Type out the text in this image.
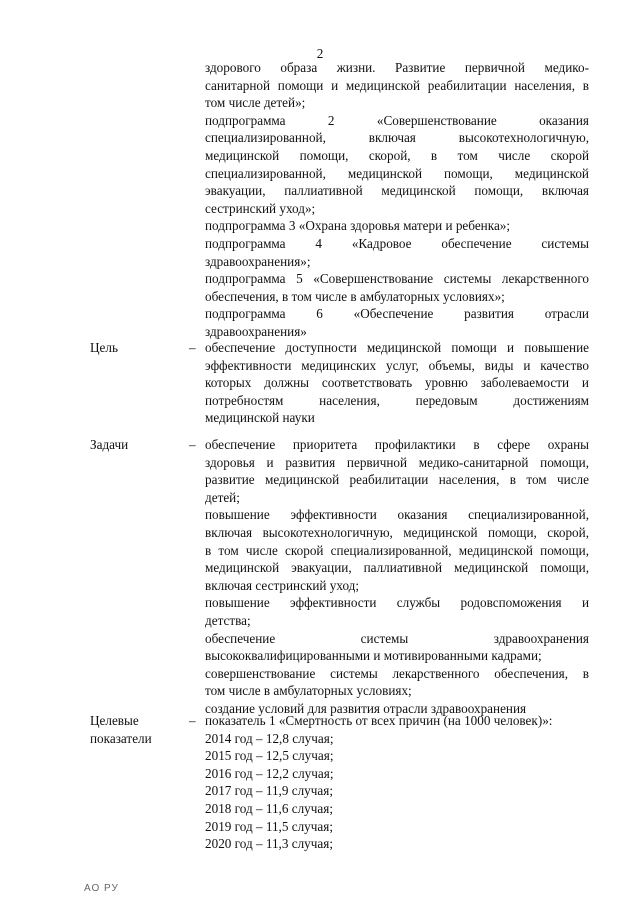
2
здорового образа жизни. Развитие первичной медико-
санитарной помощи и медицинской реабилитации населения, в
том числе детей»;
подпрограмма 2 «Совершенствование оказания
специализированной, включая высокотехнологичную,
медицинской помощи, скорой, в том числе скорой
специализированной, медицинской помощи, медицинской
эвакуации, паллиативной медицинской помощи, включая
сестринский уход»;
подпрограмма 3 «Охрана здоровья матери и ребенка»;
подпрограмма 4 «Кадровое обеспечение системы
здравоохранения»;
подпрограмма 5 «Совершенствование системы лекарственного
обеспечения, в том числе в амбулаторных условиях»;
подпрограмма 6 «Обеспечение развития отрасли
здравоохранения»
Цель	– обеспечение доступности медицинской помощи и повышение
эффективности медицинских услуг, объемы, виды и качество
которых должны соответствовать уровню заболеваемости и
потребностям населения, передовым достижениям
медицинской науки
Задачи	– обеспечение приоритета профилактики в сфере охраны
здоровья и развития первичной медико-санитарной помощи,
развитие медицинской реабилитации населения, в том числе
детей;
повышение эффективности оказания специализированной,
включая высокотехнологичную, медицинской помощи, скорой,
в том числе скорой специализированной, медицинской помощи,
медицинской эвакуации, паллиативной медицинской помощи,
включая сестринский уход;
повышение эффективности службы родовспоможения и
детства;
обеспечение системы здравоохранения
высококвалифицированными и мотивированными кадрами;
совершенствование системы лекарственного обеспечения, в
том числе в амбулаторных условиях;
создание условий для развития отрасли здравоохранения
Целевые
показатели
– показатель 1 «Смертность от всех причин (на 1000 человек)»:
2014 год – 12,8 случая;
2015 год – 12,5 случая;
2016 год – 12,2 случая;
2017 год – 11,9 случая;
2018 год – 11,6 случая;
2019 год – 11,5 случая;
2020 год – 11,3 случая;
АО РУ
